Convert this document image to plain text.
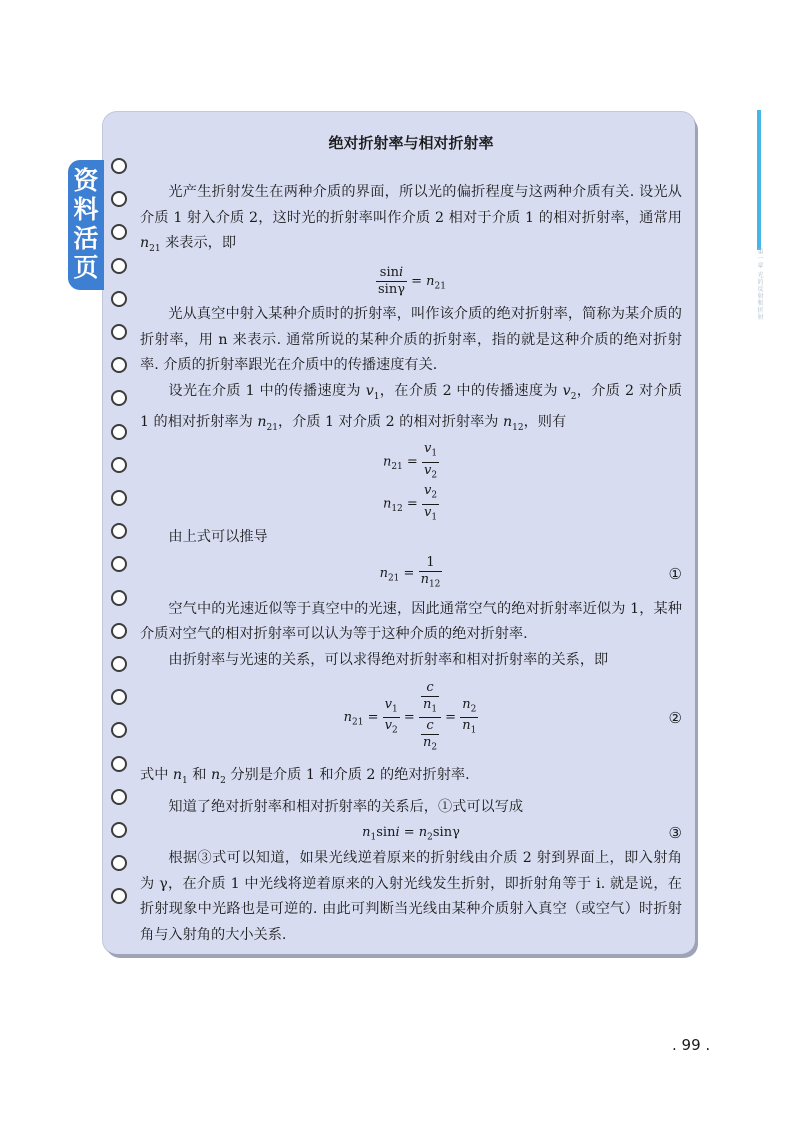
第一章 光的反射和折射
资料活页
绝对折射率与相对折射率

光产生折射发生在两种介质的界面，所以光的偏折程度与这两种介质有关. 设光从介质 1 射入介质 2，这时光的折射率叫作介质 2 相对于介质 1 的相对折射率，通常用 $n_{21}$ 来表示，即

$\frac{\sin i}{\sin\gamma} = n_{21}$

光从真空中射入某种介质时的折射率，叫作该介质的绝对折射率，简称为某介质的折射率，用 n 来表示. 通常所说的某种介质的折射率，指的就是这种介质的绝对折射率. 介质的折射率跟光在介质中的传播速度有关.

设光在介质 1 中的传播速度为 $v_1$，在介质 2 中的传播速度为 $v_2$，介质 2 对介质 1 的相对折射率为 $n_{21}$，介质 1 对介质 2 的相对折射率为 $n_{12}$，则有

$n_{21} = \frac{v_1}{v_2}$
$n_{12} = \frac{v_2}{v_1}$

由上式可以推导

$n_{21} = \frac{1}{n_{12}}$	①

空气中的光速近似等于真空中的光速，因此通常空气的绝对折射率近似为 1，某种介质对空气的相对折射率可以认为等于这种介质的绝对折射率.

由折射率与光速的关系，可以求得绝对折射率和相对折射率的关系，即

$n_{21} = \frac{v_1}{v_2} = \frac{\frac{c}{n_1}}{\frac{c}{n_2}} = \frac{n_2}{n_1}$	②

式中 $n_1$ 和 $n_2$ 分别是介质 1 和介质 2 的绝对折射率.

知道了绝对折射率和相对折射率的关系后，①式可以写成

$n_1\sin i = n_2\sin\gamma$	③

根据③式可以知道，如果光线逆着原来的折射线由介质 2 射到界面上，即入射角为 γ，在介质 1 中光线将逆着原来的入射光线发生折射，即折射角等于 i. 就是说，在折射现象中光路也是可逆的. 由此可判断当光线由某种介质射入真空（或空气）时折射角与入射角的大小关系.

. 99 .
